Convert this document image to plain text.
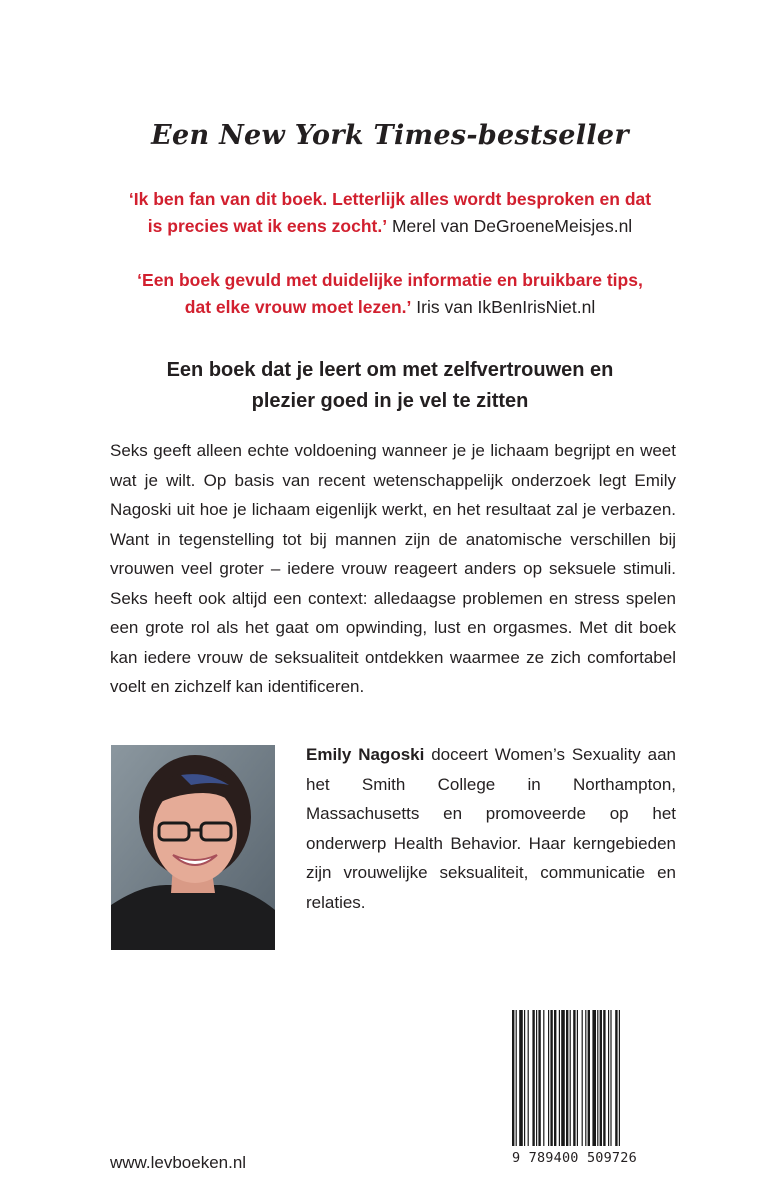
Een New York Times-bestseller
‘Ik ben fan van dit boek. Letterlijk alles wordt besproken en dat
is precies wat ik eens zocht.’ Merel van DeGroeneMeisjes.nl
‘Een boek gevuld met duidelijke informatie en bruikbare tips,
dat elke vrouw moet lezen.’ Iris van IkBenIrisNiet.nl
Een boek dat je leert om met zelfvertrouwen en
plezier goed in je vel te zitten
Seks geeft alleen echte voldoening wanneer je je lichaam begrijpt en weet wat je wilt. Op basis van recent wetenschappelijk onderzoek legt Emily Nagoski uit hoe je lichaam eigenlijk werkt, en het resultaat zal je verbazen. Want in tegenstelling tot bij mannen zijn de anatomische verschillen bij vrouwen veel groter – iedere vrouw reageert anders op seksuele stimuli. Seks heeft ook altijd een context: alledaagse problemen en stress spelen een grote rol als het gaat om opwinding, lust en orgasmes. Met dit boek kan iedere vrouw de seksualiteit ontdekken waarmee ze zich comfortabel voelt en zichzelf kan identificeren.
Emily Nagoski doceert Women’s Sexuality aan het Smith College in Northampton, Massachusetts en promoveerde op het onderwerp Health Behavior. Haar kerngebieden zijn vrouwelijke seksualiteit, communicatie en relaties.
www.levboeken.nl	9 789400 509726
